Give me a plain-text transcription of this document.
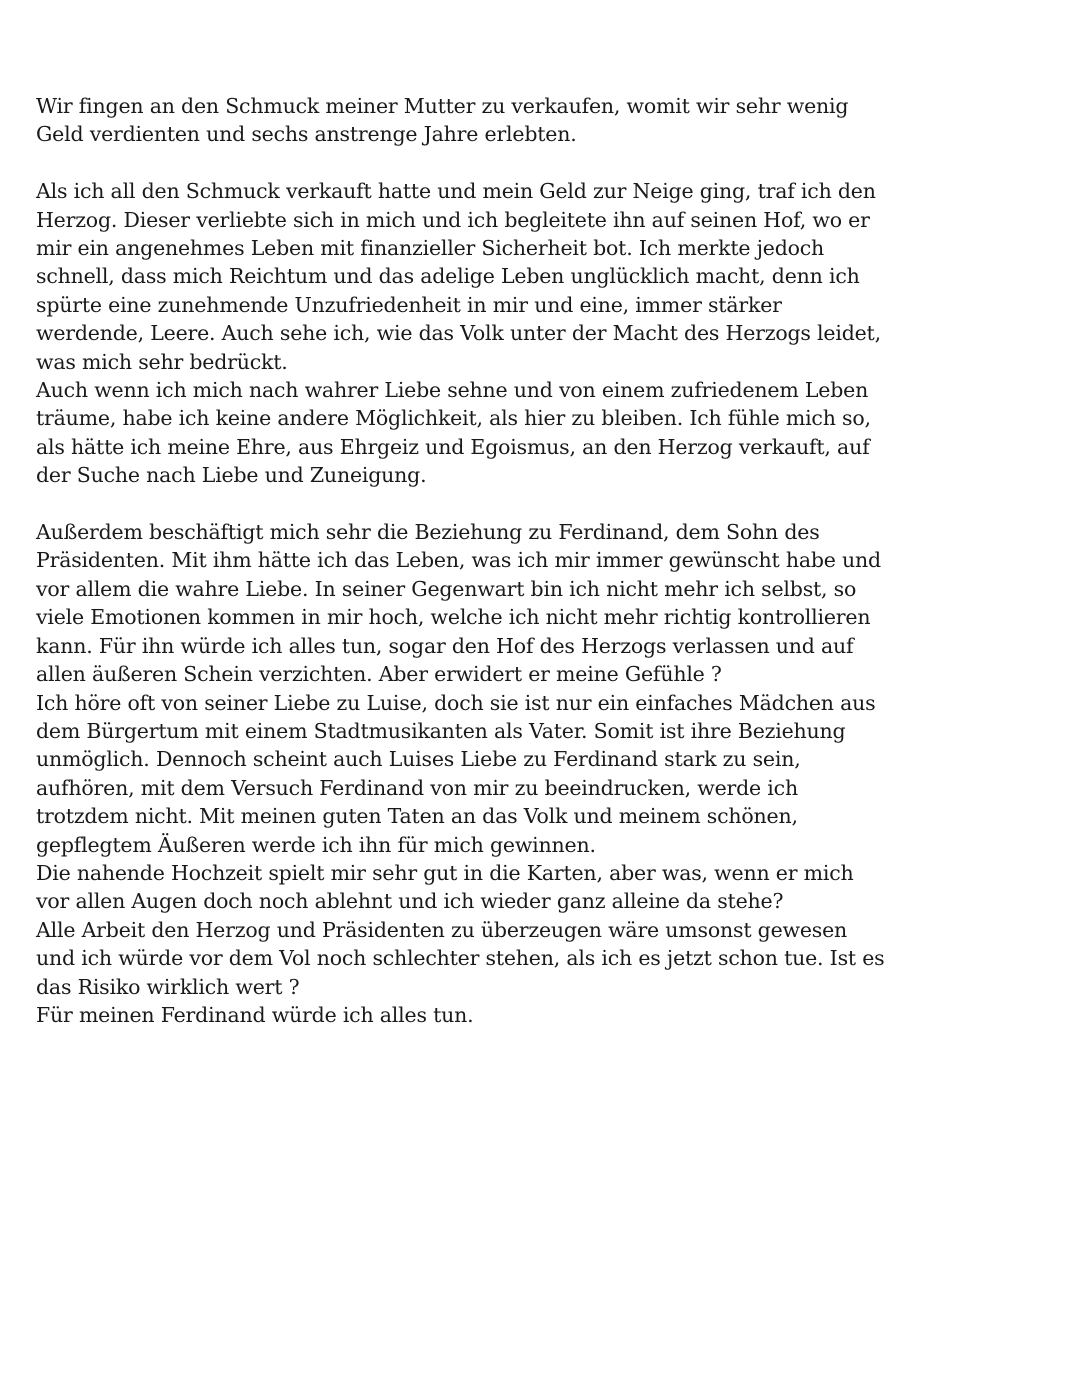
Wir fingen an den Schmuck meiner Mutter zu verkaufen, womit wir sehr wenig
Geld verdienten und sechs anstrenge Jahre erlebten.

Als ich all den Schmuck verkauft hatte und mein Geld zur Neige ging, traf ich den
Herzog. Dieser verliebte sich in mich und ich begleitete ihn auf seinen Hof, wo er
mir ein angenehmes Leben mit finanzieller Sicherheit bot. Ich merkte jedoch
schnell, dass mich Reichtum und das adelige Leben unglücklich macht, denn ich
spürte eine zunehmende Unzufriedenheit in mir und eine, immer stärker
werdende, Leere. Auch sehe ich, wie das Volk unter der Macht des Herzogs leidet,
was mich sehr bedrückt.
Auch wenn ich mich nach wahrer Liebe sehne und von einem zufriedenem Leben
träume, habe ich keine andere Möglichkeit, als hier zu bleiben. Ich fühle mich so,
als hätte ich meine Ehre, aus Ehrgeiz und Egoismus, an den Herzog verkauft, auf
der Suche nach Liebe und Zuneigung.

Außerdem beschäftigt mich sehr die Beziehung zu Ferdinand, dem Sohn des
Präsidenten. Mit ihm hätte ich das Leben, was ich mir immer gewünscht habe und
vor allem die wahre Liebe. In seiner Gegenwart bin ich nicht mehr ich selbst, so
viele Emotionen kommen in mir hoch, welche ich nicht mehr richtig kontrollieren
kann. Für ihn würde ich alles tun, sogar den Hof des Herzogs verlassen und auf
allen äußeren Schein verzichten. Aber erwidert er meine Gefühle ?
Ich höre oft von seiner Liebe zu Luise, doch sie ist nur ein einfaches Mädchen aus
dem Bürgertum mit einem Stadtmusikanten als Vater. Somit ist ihre Beziehung
unmöglich. Dennoch scheint auch Luises Liebe zu Ferdinand stark zu sein,
aufhören, mit dem Versuch Ferdinand von mir zu beeindrucken, werde ich
trotzdem nicht. Mit meinen guten Taten an das Volk und meinem schönen,
gepflegtem Äußeren werde ich ihn für mich gewinnen.
Die nahende Hochzeit spielt mir sehr gut in die Karten, aber was, wenn er mich
vor allen Augen doch noch ablehnt und ich wieder ganz alleine da stehe?
Alle Arbeit den Herzog und Präsidenten zu überzeugen wäre umsonst gewesen
und ich würde vor dem Vol noch schlechter stehen, als ich es jetzt schon tue. Ist es
das Risiko wirklich wert ?
Für meinen Ferdinand würde ich alles tun.
